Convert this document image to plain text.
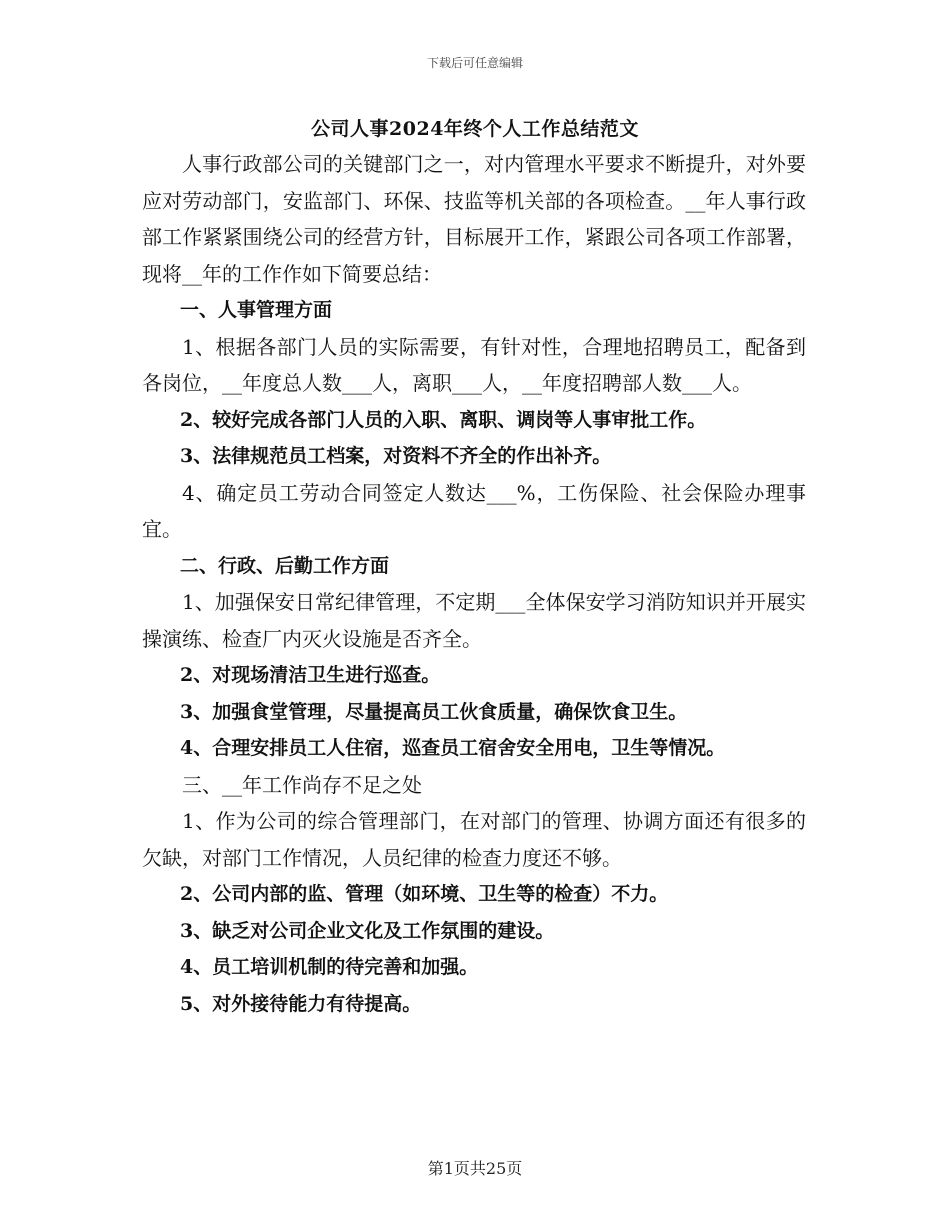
下载后可任意编辑
公司人事2024年终个人工作总结范文

人事行政部公司的关键部门之一，对内管理水平要求不断提升，对外要应对劳动部门，安监部门、环保、技监等机关部的各项检查。__年人事行政部工作紧紧围绕公司的经营方针，目标展开工作，紧跟公司各项工作部署，现将__年的工作作如下简要总结：

一、人事管理方面

1、根据各部门人员的实际需要，有针对性，合理地招聘员工，配备到各岗位，__年度总人数___人，离职___人，__年度招聘部人数___人。

2、较好完成各部门人员的入职、离职、调岗等人事审批工作。

3、法律规范员工档案，对资料不齐全的作出补齐。

4、确定员工劳动合同签定人数达___%，工伤保险、社会保险办理事宜。

二、行政、后勤工作方面

1、加强保安日常纪律管理，不定期___全体保安学习消防知识并开展实操演练、检查厂内灭火设施是否齐全。

2、对现场清洁卫生进行巡查。

3、加强食堂管理，尽量提高员工伙食质量，确保饮食卫生。

4、合理安排员工人住宿，巡查员工宿舍安全用电，卫生等情况。

三、__年工作尚存不足之处

1、作为公司的综合管理部门，在对部门的管理、协调方面还有很多的欠缺，对部门工作情况，人员纪律的检查力度还不够。

2、公司内部的监、管理（如环境、卫生等的检查）不力。

3、缺乏对公司企业文化及工作氛围的建设。

4、员工培训机制的待完善和加强。

5、对外接待能力有待提高。

第1页共25页
